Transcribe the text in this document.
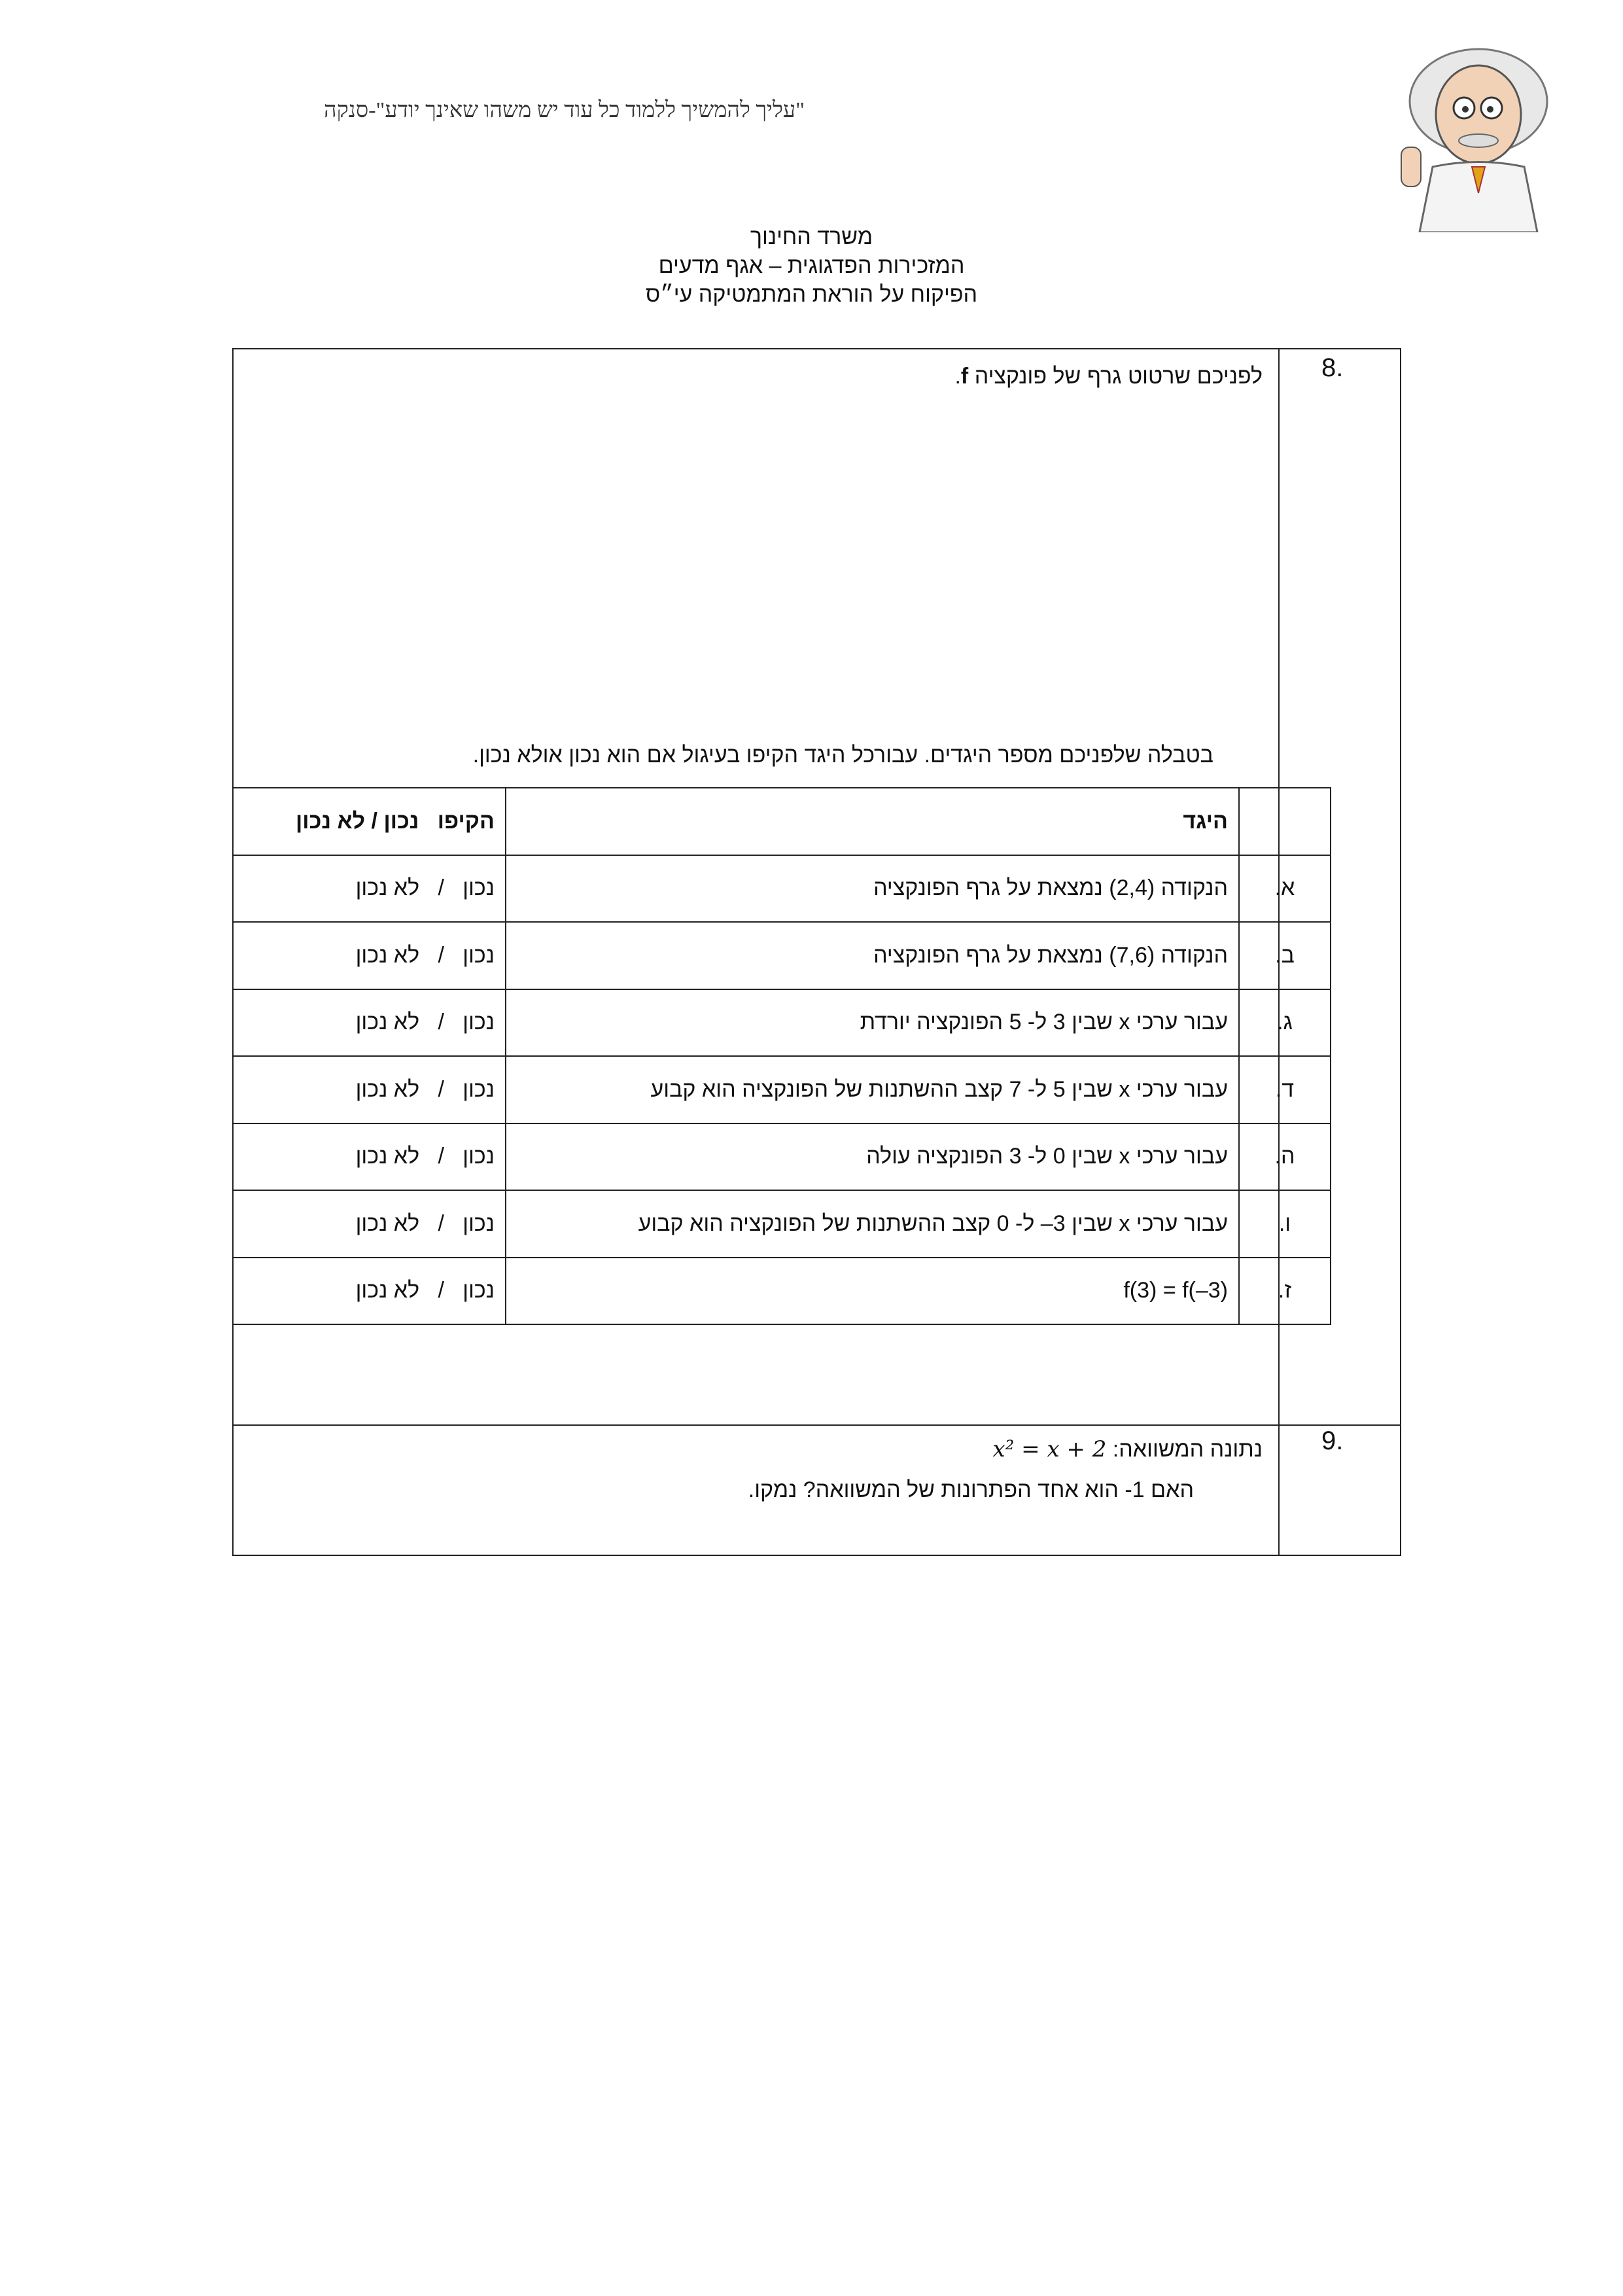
"עליך להמשיך ללמוד כל עוד יש משהו שאינך יודע"-סנקה
משרד החינוך
המזכירות הפדגוגית – אגף מדעים
הפיקוח על הוראת המתמטיקה עי״ס
8.
לפניכם שרטוט גרף של פונקציה f.
בטבלה שלפניכם מספר היגדים. עבורכל היגד הקיפו בעיגול אם הוא נכון אולא נכון.
הקיפו   נכון / לא נכון	היגד	
נכון   /   לא נכון	הנקודה (2,4) נמצאת על גרף הפונקציה	א.
נכון   /   לא נכון	הנקודה (7,6) נמצאת על גרף הפונקציה	ב.
נכון   /   לא נכון	עבור ערכי x שבין 3 ל- 5 הפונקציה יורדת	ג.
נכון   /   לא נכון	עבור ערכי x שבין 5 ל- 7 קצב ההשתנות של הפונקציה הוא קבוע	ד.
נכון   /   לא נכון	עבור ערכי x שבין 0 ל- 3 הפונקציה עולה	ה.
נכון   /   לא נכון	עבור ערכי x שבין 3– ל- 0 קצב ההשתנות של הפונקציה הוא קבוע	ו.
נכון   /   לא נכון	f(3) = f(–3)	ז.
9.
נתונה המשוואה: x² = x + 2
האם 1- הוא אחד הפתרונות של המשוואה? נמקו.
